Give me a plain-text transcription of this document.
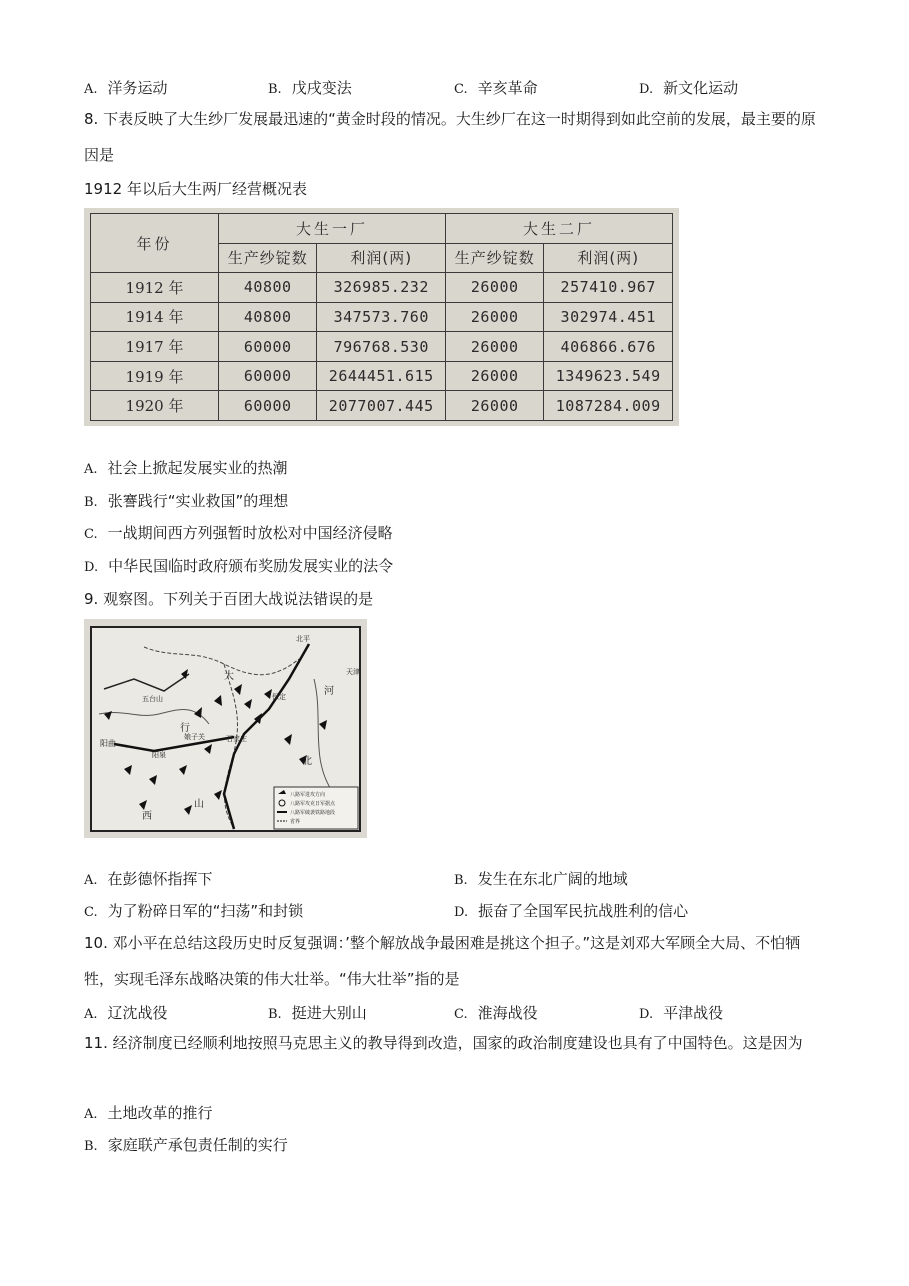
A. 洋务运动	B. 戊戌变法	C. 辛亥革命	D. 新文化运动
8. 下表反映了大生纱厂发展最迅速的“黄金时段的情况。大生纱厂在这一时期得到如此空前的发展，最主要的原因是
1912 年以后大生两厂经营概况表
年份	大生一厂		大生二厂	
	生产纱锭数	利润(两)	生产纱锭数	利润(两)
1912 年	40800	326985.232	26000	257410.967
1914 年	40800	347573.760	26000	302974.451
1917 年	60000	796768.530	26000	406866.676
1919 年	60000	2644451.615	26000	1349623.549
1920 年	60000	2077007.445	26000	1087284.009
A. 社会上掀起发展实业的热潮
B. 张謇践行“实业救国”的理想
C. 一战期间西方列强暂时放松对中国经济侵略
D. 中华民国临时政府颁布奖励发展实业的法令
9. 观察图。下列关于百团大战说法错误的是
北平
天津
保定
石家庄
娘子关
阳泉
阳曲
五台山
河
北
山
西
大
行
八路军进攻方向
八路军攻克日军据点
八路军破袭铁路地段
省界
A. 在彭德怀指挥下	B. 发生在东北广阔的地域
C. 为了粉碎日军的“扫荡”和封锁	D. 振奋了全国军民抗战胜利的信心
10. 邓小平在总结这段历史时反复强调：’整个解放战争最困难是挑这个担子。”这是刘邓大军顾全大局、不怕牺牲，实现毛泽东战略决策的伟大壮举。“伟大壮举”指的是
A. 辽沈战役	B. 挺进大别山	C. 淮海战役	D. 平津战役
11. 经济制度已经顺利地按照马克思主义的教导得到改造，国家的政治制度建设也具有了中国特色。这是因为
A. 土地改革的推行
B. 家庭联产承包责任制的实行
